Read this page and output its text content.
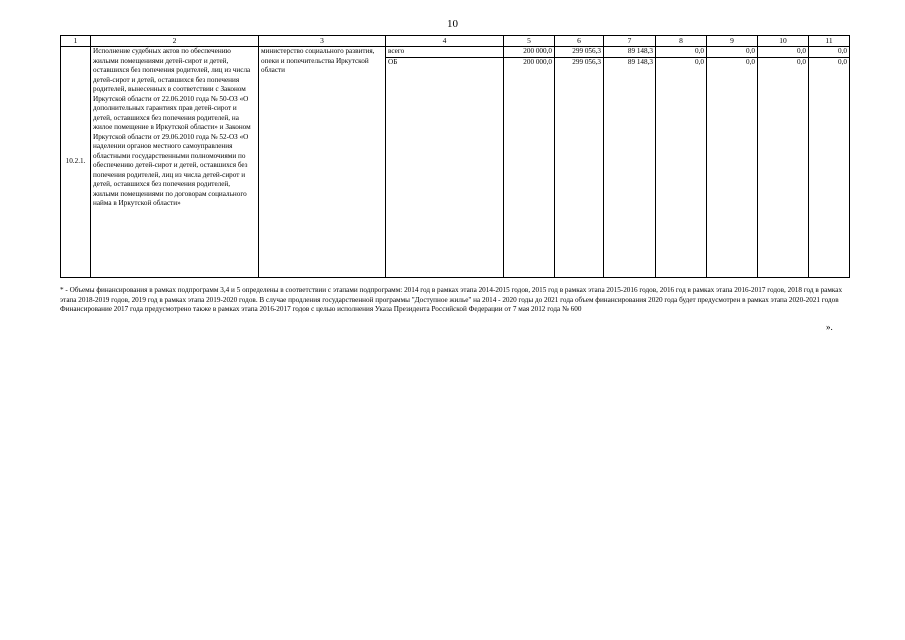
10
1	2	3	4	5	6	7	8	9	10	11
10.2.1.	Исполнение судебных актов по обеспечению жилыми помещениями детей-сирот и детей, оставшихся без попечения родителей, лиц из числа детей-сирот и детей, оставшихся без попечения родителей, вынесенных в соответствии с Законом Иркутской области от 22.06.2010 года № 50-ОЗ «О дополнительных гарантиях прав детей-сирот и детей, оставшихся без попечения родителей, на жилое помещение в Иркутской области» и Законом Иркутской области от 29.06.2010 года № 52-ОЗ «О наделении органов местного самоуправления областными государственными полномочиями по обеспечению детей-сирот и детей, оставшихся без попечения родителей, лиц из числа детей-сирот и детей, оставшихся без попечения родителей, жилыми помещениями по договорам социального найма в Иркутской области»	министерство социального развития, опеки и попечительства Иркутской области	всего	200 000,0	299 056,3	89 148,3	0,0	0,0	0,0	0,0
			ОБ	200 000,0	299 056,3	89 148,3	0,0	0,0	0,0	0,0
* - Объемы финансирования в рамках подпрограмм 3,4 и 5 определены в соответствии с этапами подпрограмм: 2014 год в рамках этапа 2014-2015 годов, 2015 год в рамках этапа 2015-2016 годов, 2016 год в рамках этапа 2016-2017 годов, 2018 год в рамках этапа 2018-2019 годов, 2019 год в рамках этапа 2019-2020 годов. В случае продления государственной программы "Доступное жилье" на 2014 - 2020 годы до 2021 года объем финансирования 2020 года будет предусмотрен в рамках этапа 2020-2021 годов
Финансирование 2017 года предусмотрено также в рамках этапа 2016-2017 годов с целью исполнения Указа Президента Российской Федерации от 7 мая 2012 года № 600
».
